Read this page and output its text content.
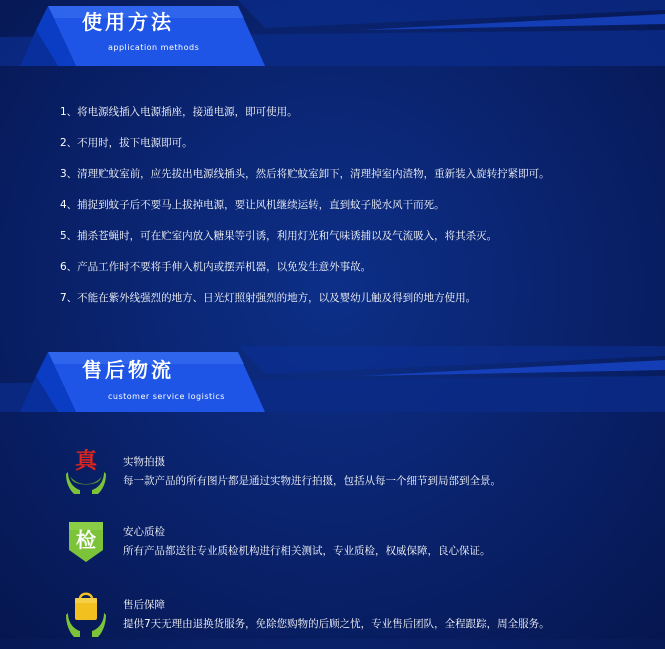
使用方法
application methods
1、将电源线插入电源插座，接通电源，即可使用。
2、不用时，拔下电源即可。
3、清理贮蚊室前，应先拔出电源线插头，然后将贮蚊室卸下，清理掉室内渣物，重新装入旋转拧紧即可。
4、捕捉到蚊子后不要马上拔掉电源，要让风机继续运转，直到蚊子脱水风干而死。
5、捕杀苍蝇时，可在贮室内放入糖果等引诱，利用灯光和气味诱捕以及气流吸入，将其杀灭。
6、产品工作时不要将手伸入机内或摆弄机器，以免发生意外事故。
7、不能在紫外线强烈的地方、日光灯照射强烈的地方，以及婴幼儿触及得到的地方使用。
售后物流
customer service logistics
真 实物拍摄
每一款产品的所有图片都是通过实物进行拍摄，包括从每一个细节到局部到全景。
检	安心质检
所有产品都送往专业质检机构进行相关测试，专业质检，权威保障，良心保证。
售后保障
提供7天无理由退换货服务，免除您购物的后顾之忧，专业售后团队，全程跟踪，周全服务。
